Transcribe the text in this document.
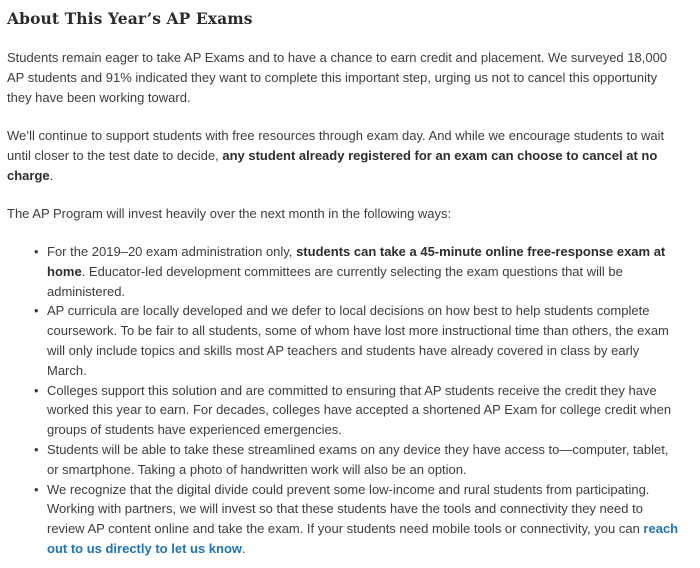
About This Year’s AP Exams

Students remain eager to take AP Exams and to have a chance to earn credit and placement. We surveyed 18,000 AP students and 91% indicated they want to complete this important step, urging us not to cancel this opportunity they have been working toward.

We’ll continue to support students with free resources through exam day. And while we encourage students to wait until closer to the test date to decide, any student already registered for an exam can choose to cancel at no charge.

The AP Program will invest heavily over the next month in the following ways:

• For the 2019–20 exam administration only, students can take a 45-minute online free-response exam at home. Educator-led development committees are currently selecting the exam questions that will be administered.
• AP curricula are locally developed and we defer to local decisions on how best to help students complete coursework. To be fair to all students, some of whom have lost more instructional time than others, the exam will only include topics and skills most AP teachers and students have already covered in class by early March.
• Colleges support this solution and are committed to ensuring that AP students receive the credit they have worked this year to earn. For decades, colleges have accepted a shortened AP Exam for college credit when groups of students have experienced emergencies.
• Students will be able to take these streamlined exams on any device they have access to—computer, tablet, or smartphone. Taking a photo of handwritten work will also be an option.
• We recognize that the digital divide could prevent some low-income and rural students from participating. Working with partners, we will invest so that these students have the tools and connectivity they need to review AP content online and take the exam. If your students need mobile tools or connectivity, you can reach out to us directly to let us know.
